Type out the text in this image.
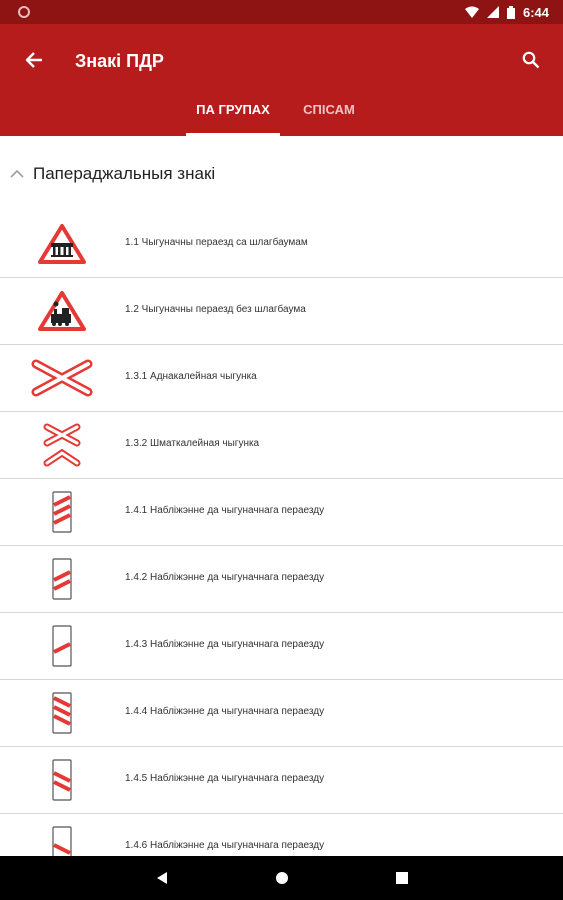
6:44
Знакі ПДР
ПА ГРУПАХ	СПІСАМ
Папераджальныя знакі
1.1 Чыгуначны пераезд са шлагбаумам
1.2 Чыгуначны пераезд без шлагбаума
1.3.1 Аднакалейная чыгунка
1.3.2 Шматкалейная чыгунка
1.4.1 Набліжэнне да чыгуначнага пераезду
1.4.2 Набліжэнне да чыгуначнага пераезду
1.4.3 Набліжэнне да чыгуначнага пераезду
1.4.4 Набліжэнне да чыгуначнага пераезду
1.4.5 Набліжэнне да чыгуначнага пераезду
1.4.6 Набліжэнне да чыгуначнага пераезду
